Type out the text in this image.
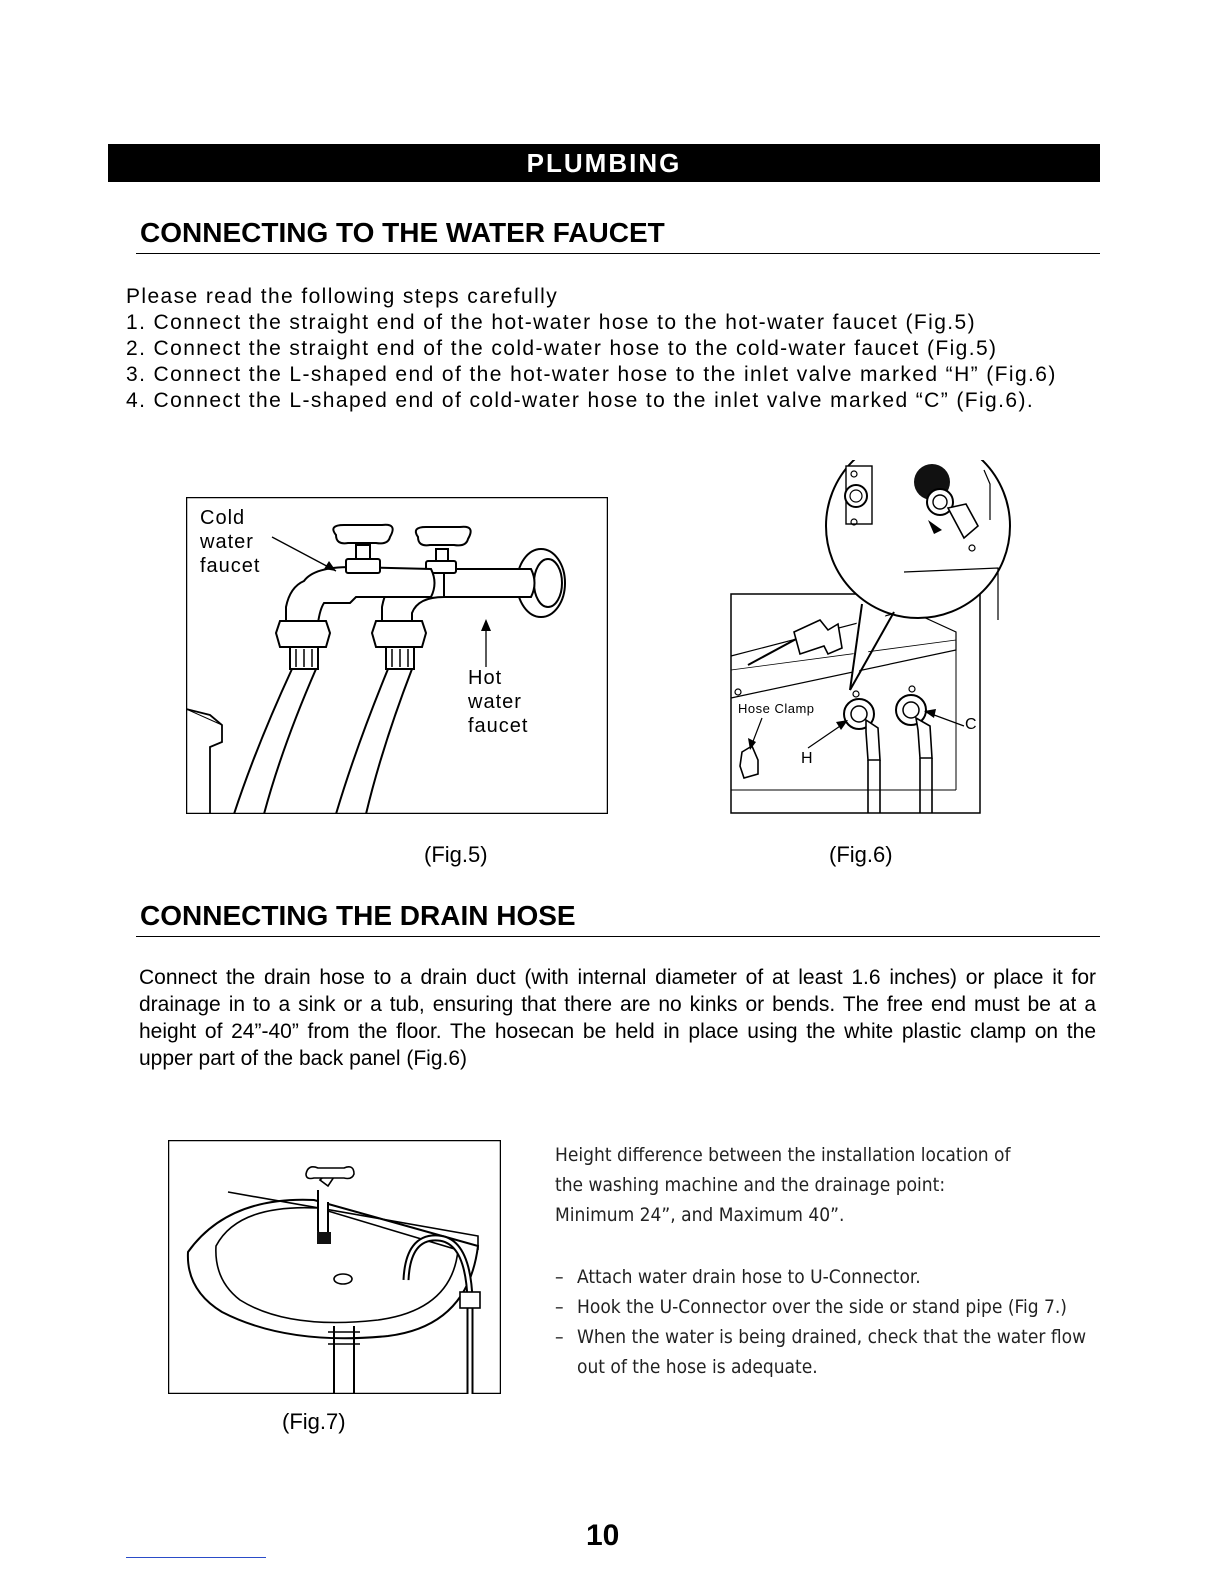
PLUMBING
CONNECTING TO THE WATER FAUCET
Please read the following steps carefully
1. Connect the straight end of the hot-water hose to the hot-water faucet (Fig.5)
2. Connect the straight end of the cold-water hose to the cold-water faucet (Fig.5)
3. Connect the L-shaped end of the hot-water hose to the inlet valve marked “H” (Fig.6)
4. Connect the L-shaped end of cold-water hose to the inlet valve marked “C” (Fig.6).
Cold
water
faucet
Hot
water
faucet
(Fig.5)
Hose Clamp
H
C
(Fig.6)
CONNECTING THE DRAIN HOSE
Connect the drain hose to a drain duct (with internal diameter of at least 1.6 inches) or place it for drainage in to a sink or a tub, ensuring that there are no kinks or bends. The free end must be at a height of 24”-40” from the floor. The hosecan be held in place using the white plastic clamp on the upper part of the back panel (Fig.6)
(Fig.7)
Height difference between the installation location of
the washing machine and the drainage point:
Minimum 24”, and Maximum 40”.
– Attach water drain hose to U-Connector.
– Hook the U-Connector over the side or stand pipe (Fig 7.)
– When the water is being drained, check that the water flow
out of the hose is adequate.
10
